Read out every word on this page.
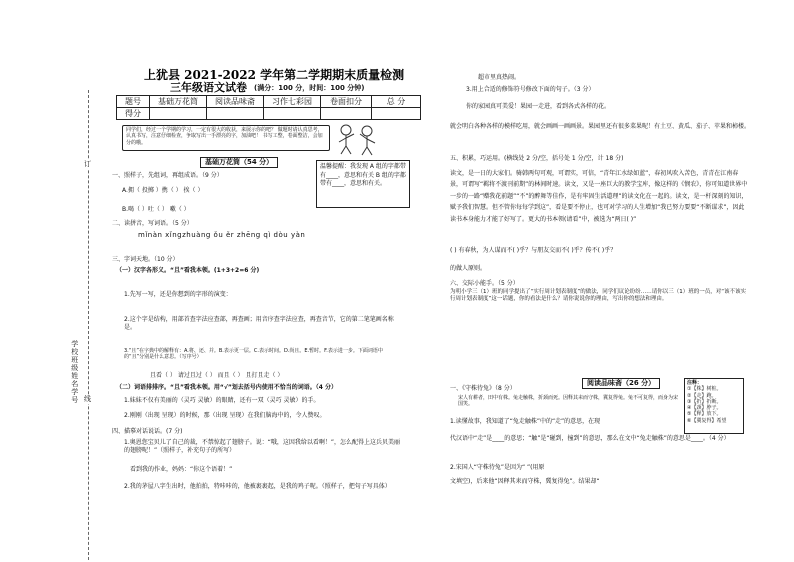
学校班级姓名学号
订
线
上犹县 2021-2022 学年第二学期期末质量检测
三年级语文试卷 (满分：100 分，时间：100 分钟)
题号	基础万花筒	阅读品味斋	习作七彩园	卷面扣分	总 分
得分					
同学们，经过一个学期的学习，一定有很大的收获，来展示你的吧？ 做题时请认真思考，认真书写，注意仔细检查，争取写出一手漂亮的字，加油吧！ 书写工整，卷面整洁，会加分的哦。
基础万花筒（54 分）
温馨提醒：我发现 A 组的字都带有____，意思和有关 B 组的字都带有____，意思和有关。
一、照样子，先组词，再组成语。（9 分）
A.拥（ 投掷 ）携（ ） 挨（ ）
B.喝（ ）吐（ ） 嗽（ ）
二、读拼音，写词语。（5 分）
mǐnàn xǐngzhuàng ǒu ěr zhēng qì dòu yàn
三、字词天地。（10 分）
（一）汉字各形义。“且”看我本领。(1+3+2=6 分)
1.先写一写，还是你想到的字形的演变：
2.这个字是结构，用部首查字法应查部，再查画；用音序查字法应查，再查音节，它的第二笔笔画名称是。
3.“且”在字典中的解释有：A.将、还、并。B.表示更一层。C.表示时间。D.尚且。E.暂时。F.表示进一步。下面词语中的“且”分别是什么意思。（写序号）
且看（ ） 请过且过（ ） 而且（ ） 且打且走（ ）
（二）词语排排序。“且”看我本领。用“√”划去括号内使用不恰当的词语。（4 分）
1.妹妹不仅有美丽的（灵巧 灵敏）的眼睛，还有一双（灵巧 灵敏）的手。
2.刚刚（出现 呈现）的时候，那（出现 呈现）在我们脑海中的，令人赞叹。
四、描摹对话说话。(7 分)
1.奥恩您宝贝儿了自己的裁，不禁惊起了翅膀子。说：“哦，这因我给以看啊！”，怎么配得上这兵贝美丽的翅膀呢！”（照样子，补充句子的所写）
看到我的作业，妈妈：“你这个语着！”
2.我的茅屋八字生出时，他拍拍，特咔咔的，他被裹裹起，是我的鸡子呢。（照样子，把句子写具体）
超市里真热闹。
3.用上合适的修饰符号修改下面的句子。（3 分）
你的家园真可美爱！果园一走进，看到各式各样的花。
就会明白各种各样的模样吃用，就会画画一画画景。果园里还有很多菜果呢！有土豆、黄瓜、茄子、苹果和柿楼。
五、积累，巧运用。(横线处 2 分/空，括号处 1 分/空，计 18 分)
读文，是一日的大家们。骑韩两句可观，可谓实，可信，“青年江水绿如蓝”，春初风吹入苦色，青青在江南春景，可谓写“羁将不渡刊前期”的林间时速。读文，又是一座巨大的教学宝库，像这样的《悯农》，你可知道世界中一步的一路“赠我花前题”“不”的醉舞等佳作，是有牢固生活道理”的读文化在一起的。读文，是一杆深刻的知识，赋予我们智慧。但不管你每每学到这”，看是要不停止，也可对学习的人生增加“我已努力要要“不断谋求”，因此读书本身能力才能了好写了。更大的书本领(请看”中，被选为“两日( )”
( ) 有春秋，为人谋而不( )乎？与朋友交而不( )乎？传不( )乎？
的做人原则。
六、交际小能手。（5 分）
为明小学三（1）班的同学提出了“实行周计划表制度”的做法，同学们议论纷纷……请你以三（1）班的一员，对“该不该实行周计划表制度”这一话题，你的看法是什么？请你说说你的理由，写出你的想法和理由。
阅读品味斋（26 分）	注释：
①【株】树桩。
②【走】跑。
③【折】折断。
④【颈】脖子。
⑤【释】放下。
⑥【冀复得】希望
一、《守株待兔》（8 分）
宋人有耕者，田中有株。兔走触株，折颈而死。因释其耒而守株，冀复得兔。兔不可复得，而身为宋国笑。
1.读懂故事，我知道了“兔走触株”中的“走”的意思，在现
代汉语中“走”是____的意思；“触”是“碰到，撞到”的意思，那么在文中“兔走触株”的意思是____。（4 分）
2.宋国人“守株待兔”是因为“ ”(用原
文填空)，后来他“因释其耒而守株，冀复得兔”。结果却“
